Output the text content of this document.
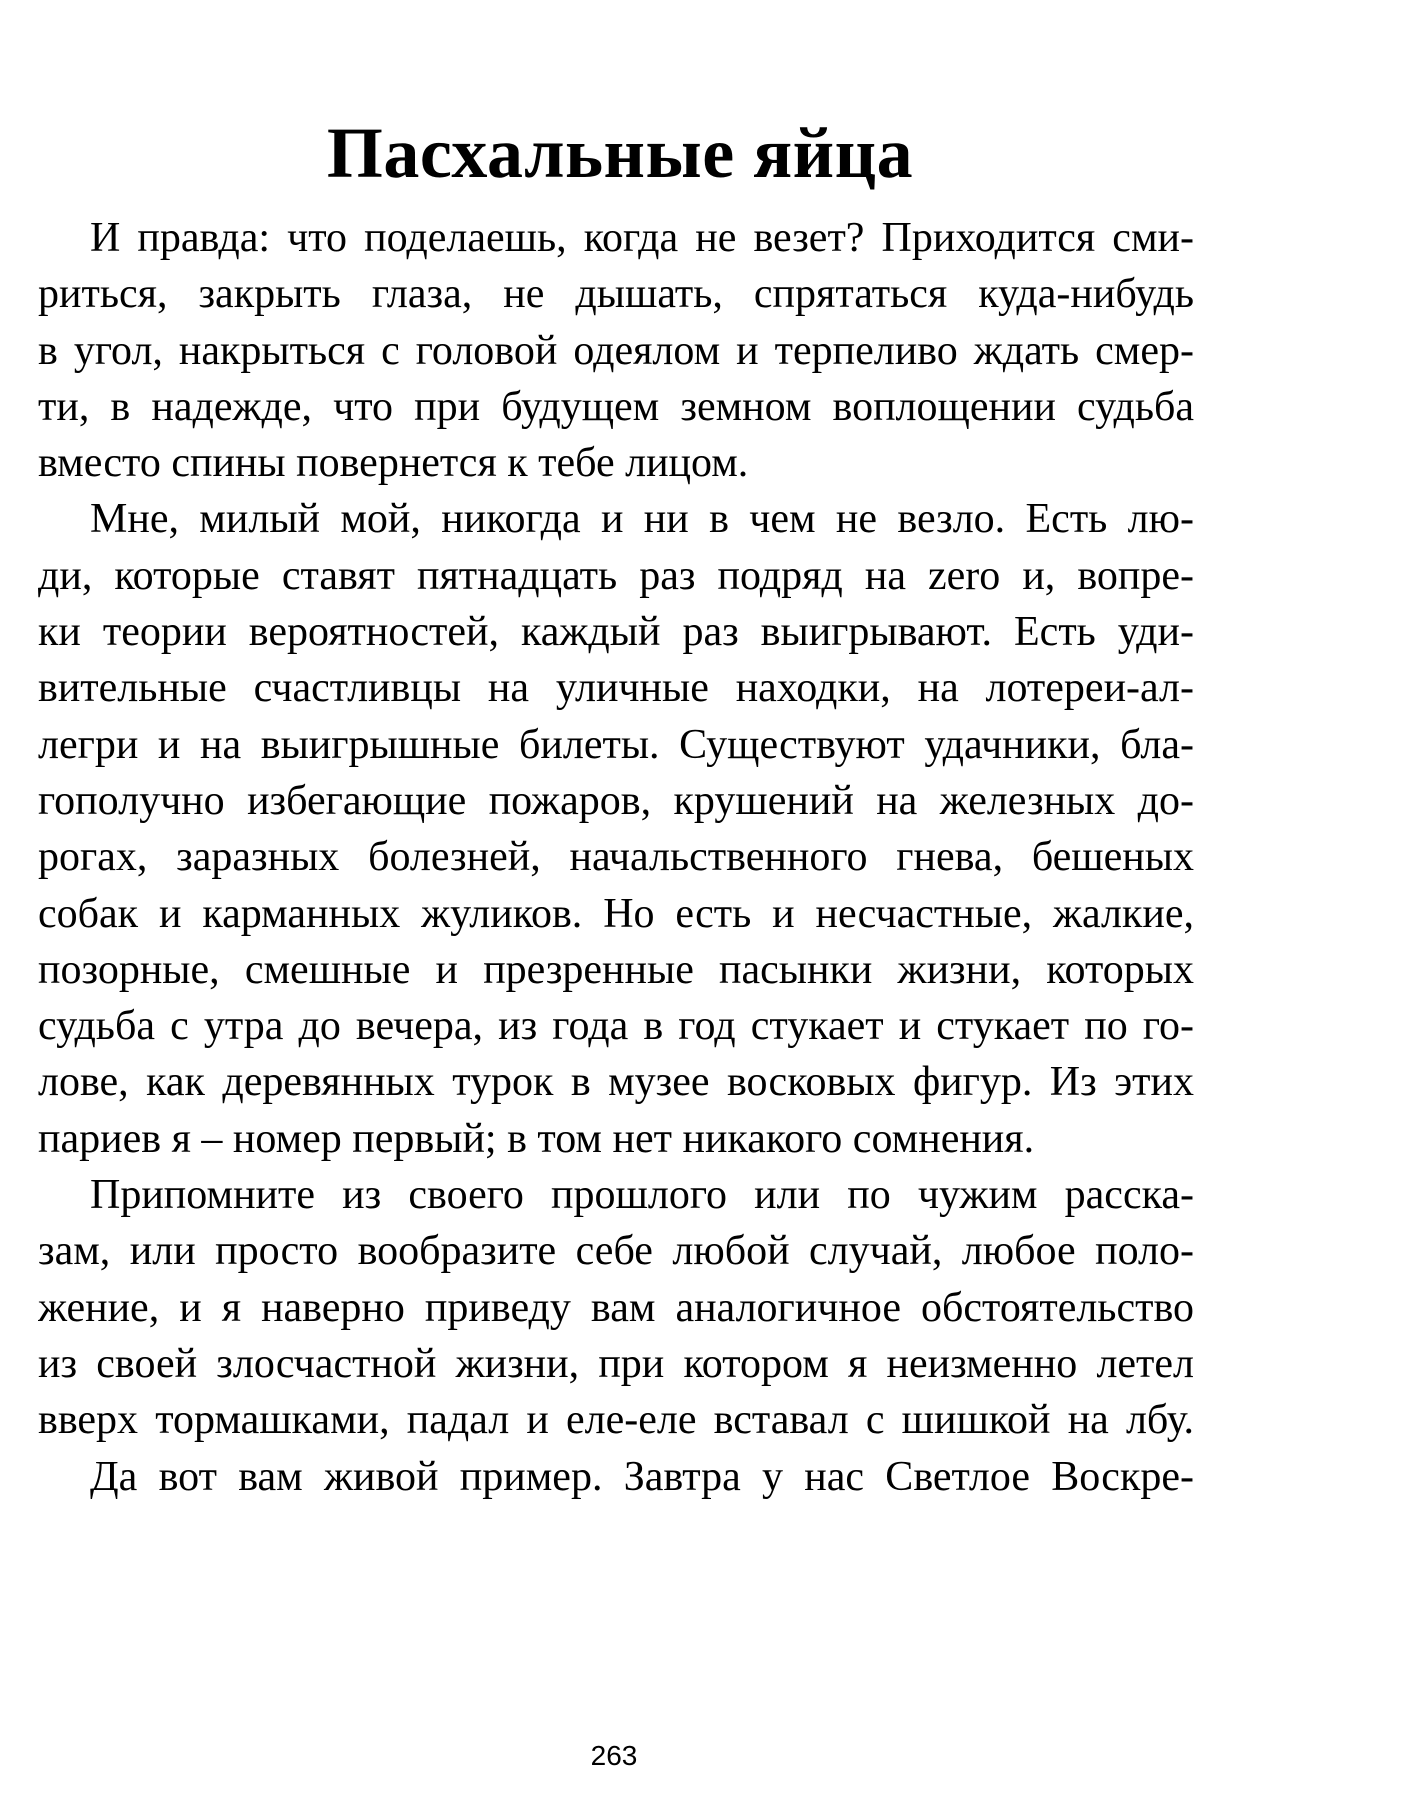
Пасхальные яйца

И правда: что поделаешь, когда не везет? Приходится сми-
риться, закрыть глаза, не дышать, спрятаться куда-нибудь
в угол, накрыться с головой одеялом и терпеливо ждать смер-
ти, в надежде, что при будущем земном воплощении судьба
вместо спины повернется к тебе лицом.

Мне, милый мой, никогда и ни в чем не везло. Есть лю-
ди, которые ставят пятнадцать раз подряд на zero и, вопре-
ки теории вероятностей, каждый раз выигрывают. Есть уди-
вительные счастливцы на уличные находки, на лотереи-ал-
легри и на выигрышные билеты. Существуют удачники, бла-
гополучно избегающие пожаров, крушений на железных до-
рогах, заразных болезней, начальственного гнева, бешеных
собак и карманных жуликов. Но есть и несчастные, жалкие,
позорные, смешные и презренные пасынки жизни, которых
судьба с утра до вечера, из года в год стукает и стукает по го-
лове, как деревянных турок в музее восковых фигур. Из этих
париев я – номер первый; в том нет никакого сомнения.

Припомните из своего прошлого или по чужим расска-
зам, или просто вообразите себе любой случай, любое поло-
жение, и я наверно приведу вам аналогичное обстоятельство
из своей злосчастной жизни, при котором я неизменно летел
вверх тормашками, падал и еле-еле вставал с шишкой на лбу.

Да вот вам живой пример. Завтра у нас Светлое Воскре-

263
